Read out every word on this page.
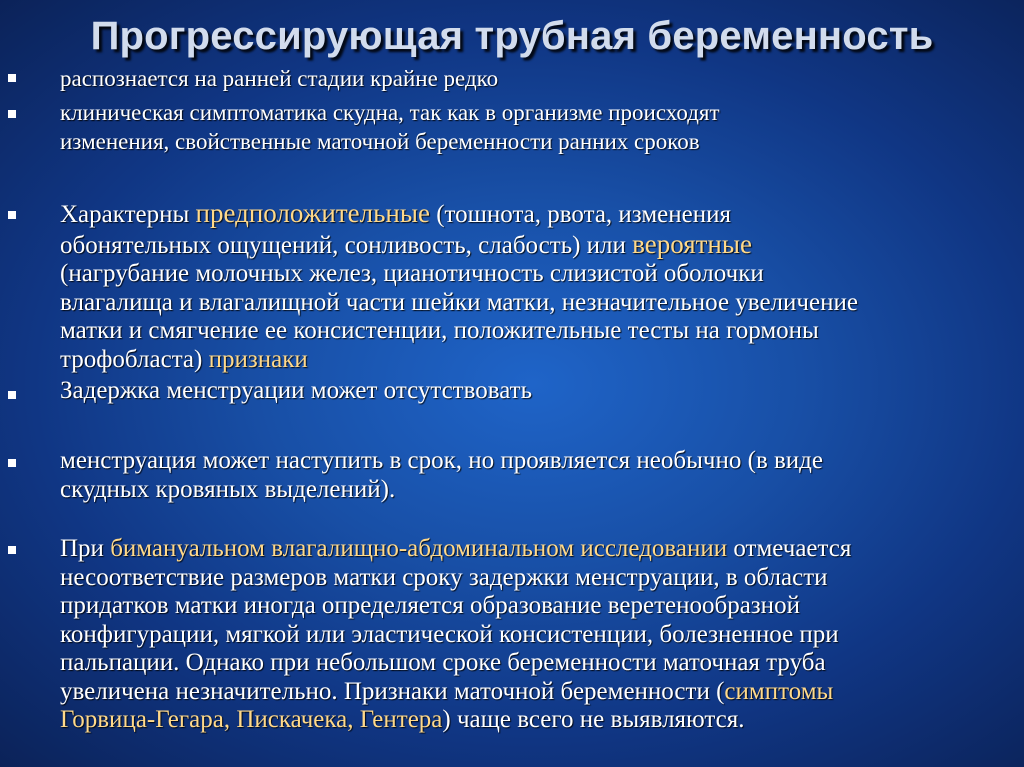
Прогрессирующая трубная беременность

распознается на ранней стадии крайне редко

клиническая симптоматика скудна, так как в организме происходят
изменения, свойственные маточной беременности ранних сроков

Характерны предположительные (тошнота, рвота, изменения
обонятельных ощущений, сонливость, слабость) или вероятные
(нагрубание молочных желез, цианотичность слизистой оболочки
влагалища и влагалищной части шейки матки, незначительное увеличение
матки и смягчение ее консистенции, положительные тесты на гормоны
трофобласта) признаки

Задержка менструации может отсутствовать

менструация может наступить в срок, но проявляется необычно (в виде
скудных кровяных выделений).

При бимануальном влагалищно-абдоминальном исследовании отмечается
несоответствие размеров матки сроку задержки менструации, в области
придатков матки иногда определяется образование веретенообразной
конфигурации, мягкой или эластической консистенции, болезненное при
пальпации. Однако при небольшом сроке беременности маточная труба
увеличена незначительно. Признаки маточной беременности (симптомы
Горвица-Гегара, Пискачека, Гентера) чаще всего не выявляются.
